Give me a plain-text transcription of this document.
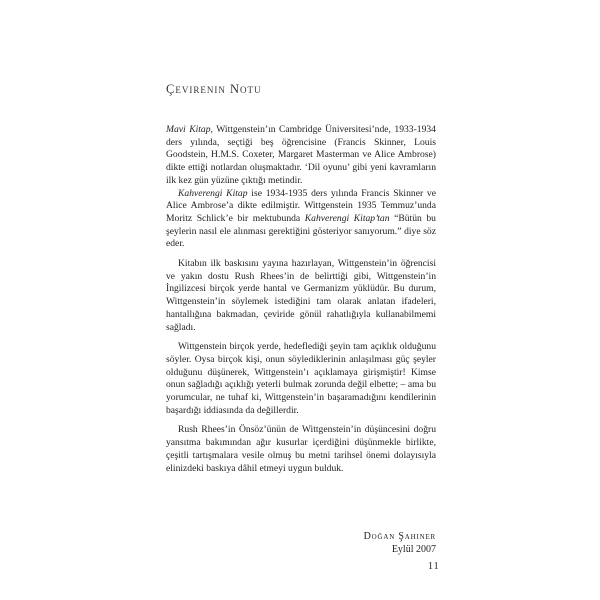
Çevirenin Notu

Mavi Kitap, Wittgenstein’ın Cambridge Üniversitesi’nde, 1933-1934 ders yılında, seçtiği beş öğrencisine (Francis Skinner, Louis Goodstein, H.M.S. Coxeter, Margaret Masterman ve Alice Ambrose) dikte ettiği notlardan oluşmaktadır. ‘Dil oyunu’ gibi yeni kavramların ilk kez gün yüzüne çıktığı metindir.

Kahverengi Kitap ise 1934-1935 ders yılında Francis Skinner ve Alice Ambrose’a dikte edilmiştir. Wittgenstein 1935 Temmuz’unda Moritz Schlick’e bir mektubunda Kahverengi Kitap’tan “Bütün bu şeylerin nasıl ele alınması gerektiğini gösteriyor sanıyorum.” diye söz eder.

Kitabın ilk baskısını yayına hazırlayan, Wittgenstein’in öğrencisi ve yakın dostu Rush Rhees’in de belirttiği gibi, Wittgenstein’in İngilizcesi birçok yerde hantal ve Germanizm yüklüdür. Bu durum, Wittgenstein’in söylemek istediğini tam olarak anlatan ifadeleri, hantallığına bakmadan, çeviride gönül rahatlığıyla kullanabilmemi sağladı.

Wittgenstein birçok yerde, hedeflediği şeyin tam açıklık olduğunu söyler. Oysa birçok kişi, onun söylediklerinin anlaşılması güç şeyler olduğunu düşünerek, Wittgenstein’ı açıklamaya girişmiştir! Kimse onun sağladığı açıklığı yeterli bulmak zorunda değil elbette; – ama bu yorumcular, ne tuhaf ki, Wittgenstein’in başaramadığını kendilerinin başardığı iddiasında da değillerdir.

Rush Rhees’in Önsöz’ünün de Wittgenstein’in düşüncesini doğru yansıtma bakımından ağır kusurlar içerdiğini düşünmekle birlikte, çeşitli tartışmalara vesile olmuş bu metni tarihsel önemi dolayısıyla elinizdeki baskıya dâhil etmeyi uygun bulduk.

Doğan Şahiner
Eylül 2007
11
